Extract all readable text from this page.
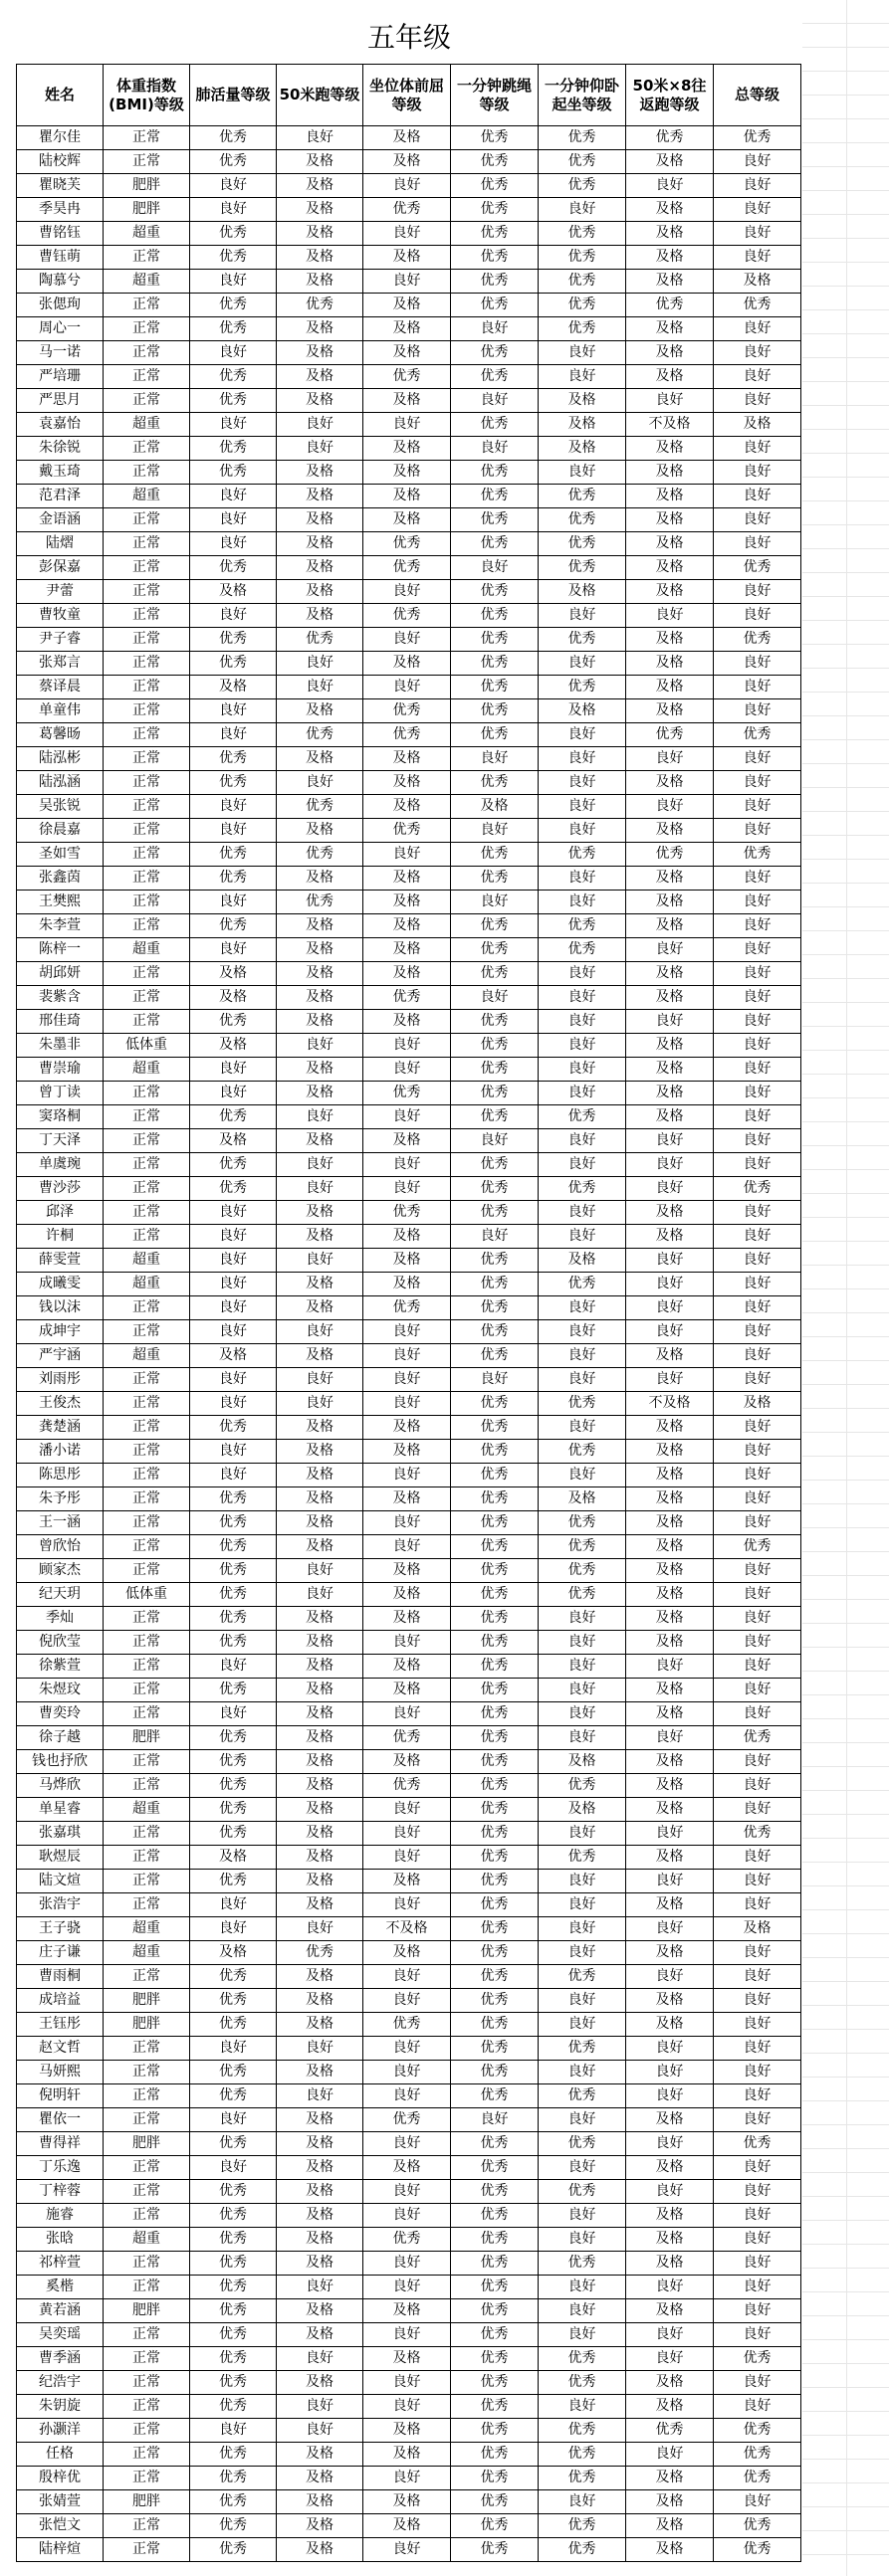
五年级
姓名	体重指数(BMI)等级	肺活量等级	50米跑等级	坐位体前屈等级	一分钟跳绳等级	一分钟仰卧起坐等级	50米×8往返跑等级	总等级
瞿尔佳	正常	优秀	良好	及格	优秀	优秀	优秀	优秀
陆校辉	正常	优秀	及格	及格	优秀	优秀	及格	良好
瞿晓芙	肥胖	良好	及格	良好	优秀	优秀	良好	良好
季昊冉	肥胖	良好	及格	优秀	优秀	良好	及格	良好
曹铭钰	超重	优秀	及格	良好	优秀	优秀	及格	良好
曹钰萌	正常	优秀	及格	及格	优秀	优秀	及格	良好
陶慕兮	超重	良好	及格	良好	优秀	优秀	及格	及格
张偲珣	正常	优秀	优秀	及格	优秀	优秀	优秀	优秀
周心一	正常	优秀	及格	及格	良好	优秀	及格	良好
马一诺	正常	良好	及格	及格	优秀	良好	及格	良好
严培珊	正常	优秀	及格	优秀	优秀	良好	及格	良好
严思月	正常	优秀	及格	及格	良好	及格	良好	良好
袁嘉怡	超重	良好	良好	良好	优秀	及格	不及格	及格
朱徐锐	正常	优秀	良好	及格	良好	及格	及格	良好
戴玉琦	正常	优秀	及格	及格	优秀	良好	及格	良好
范君泽	超重	良好	及格	及格	优秀	优秀	及格	良好
金语涵	正常	良好	及格	及格	优秀	优秀	及格	良好
陆熠	正常	良好	及格	优秀	优秀	优秀	及格	良好
彭保嘉	正常	优秀	及格	优秀	良好	优秀	及格	优秀
尹蕾	正常	及格	及格	良好	优秀	及格	及格	良好
曹牧童	正常	良好	及格	优秀	优秀	良好	良好	良好
尹子睿	正常	优秀	优秀	良好	优秀	优秀	及格	优秀
张郑言	正常	优秀	良好	及格	优秀	良好	及格	良好
蔡译晨	正常	及格	良好	良好	优秀	优秀	及格	良好
单童伟	正常	良好	及格	优秀	优秀	及格	及格	良好
葛馨旸	正常	良好	优秀	优秀	优秀	良好	优秀	优秀
陆泓彬	正常	优秀	及格	及格	良好	良好	良好	良好
陆泓涵	正常	优秀	良好	及格	优秀	良好	及格	良好
吴张锐	正常	良好	优秀	及格	及格	良好	良好	良好
徐晨嘉	正常	良好	及格	优秀	良好	良好	及格	良好
圣如雪	正常	优秀	优秀	良好	优秀	优秀	优秀	优秀
张鑫茵	正常	优秀	及格	及格	优秀	良好	及格	良好
王樊熙	正常	良好	优秀	及格	良好	良好	及格	良好
朱李萱	正常	优秀	及格	及格	优秀	优秀	及格	良好
陈梓一	超重	良好	及格	及格	优秀	优秀	良好	良好
胡邱妍	正常	及格	及格	及格	优秀	良好	及格	良好
裴紫含	正常	及格	及格	优秀	良好	良好	及格	良好
邢佳琦	正常	优秀	及格	及格	优秀	良好	良好	良好
朱墨非	低体重	及格	良好	良好	优秀	良好	及格	良好
曹崇瑜	超重	良好	及格	良好	优秀	良好	及格	良好
曾丁读	正常	良好	及格	优秀	优秀	良好	及格	良好
窦珞桐	正常	优秀	良好	良好	优秀	优秀	及格	良好
丁天泽	正常	及格	及格	及格	良好	良好	良好	良好
单虞琬	正常	优秀	良好	良好	优秀	良好	良好	良好
曹沙莎	正常	优秀	良好	良好	优秀	优秀	良好	优秀
邱泽	正常	良好	及格	优秀	优秀	良好	及格	良好
许桐	正常	良好	及格	及格	良好	良好	及格	良好
薛雯萱	超重	良好	良好	及格	优秀	及格	良好	良好
成曦雯	超重	良好	及格	及格	优秀	优秀	良好	良好
钱以沫	正常	良好	及格	优秀	优秀	良好	良好	良好
成坤宇	正常	良好	良好	良好	优秀	良好	良好	良好
严宇涵	超重	及格	及格	良好	优秀	良好	及格	良好
刘雨彤	正常	良好	良好	良好	良好	良好	良好	良好
王俊杰	正常	良好	良好	良好	优秀	优秀	不及格	及格
龚楚涵	正常	优秀	及格	及格	优秀	良好	及格	良好
潘小诺	正常	良好	及格	及格	优秀	优秀	及格	良好
陈思彤	正常	良好	及格	良好	优秀	良好	及格	良好
朱予彤	正常	优秀	及格	及格	优秀	及格	及格	良好
王一涵	正常	优秀	及格	良好	优秀	优秀	及格	良好
曾欣怡	正常	优秀	及格	良好	优秀	优秀	及格	优秀
顾家杰	正常	优秀	良好	及格	优秀	优秀	及格	良好
纪天玥	低体重	优秀	良好	及格	优秀	优秀	及格	良好
季灿	正常	优秀	及格	及格	优秀	良好	及格	良好
倪欣莹	正常	优秀	及格	良好	优秀	良好	及格	良好
徐紫萱	正常	良好	及格	及格	优秀	良好	良好	良好
朱煜玟	正常	优秀	及格	及格	优秀	良好	及格	良好
曹奕玲	正常	良好	及格	良好	优秀	良好	及格	良好
徐子越	肥胖	优秀	及格	优秀	优秀	良好	良好	优秀
钱也抒欣	正常	优秀	及格	及格	优秀	及格	及格	良好
马烨欣	正常	优秀	及格	优秀	优秀	优秀	及格	良好
单星睿	超重	优秀	及格	良好	优秀	及格	及格	良好
张嘉琪	正常	优秀	及格	良好	优秀	良好	良好	优秀
耿煜辰	正常	及格	及格	良好	优秀	优秀	及格	良好
陆文煊	正常	优秀	及格	及格	优秀	良好	良好	良好
张浩宇	正常	良好	及格	良好	优秀	良好	及格	良好
王子骁	超重	良好	良好	不及格	优秀	良好	良好	及格
庄子谦	超重	及格	优秀	及格	优秀	良好	及格	良好
曹雨桐	正常	优秀	及格	良好	优秀	优秀	良好	良好
成培益	肥胖	优秀	及格	良好	优秀	良好	及格	良好
王钰彤	肥胖	优秀	及格	优秀	优秀	良好	及格	良好
赵文哲	正常	良好	良好	良好	优秀	优秀	良好	良好
马妍熙	正常	优秀	及格	良好	优秀	良好	良好	良好
倪明轩	正常	优秀	良好	良好	优秀	优秀	良好	良好
瞿依一	正常	良好	及格	优秀	良好	良好	及格	良好
曹得祥	肥胖	优秀	及格	良好	优秀	优秀	良好	优秀
丁乐逸	正常	良好	及格	及格	优秀	良好	及格	良好
丁梓蓉	正常	优秀	及格	良好	优秀	优秀	良好	良好
施睿	正常	优秀	及格	良好	优秀	良好	及格	良好
张晗	超重	优秀	及格	优秀	优秀	良好	及格	良好
祁梓萱	正常	优秀	及格	良好	优秀	优秀	及格	良好
奚楷	正常	优秀	良好	良好	优秀	良好	良好	良好
黄若涵	肥胖	优秀	及格	及格	优秀	良好	及格	良好
吴奕瑶	正常	优秀	及格	良好	优秀	良好	良好	良好
曹季涵	正常	优秀	良好	及格	优秀	优秀	良好	优秀
纪浩宇	正常	优秀	及格	良好	优秀	优秀	及格	良好
朱钥旋	正常	优秀	良好	良好	优秀	良好	及格	良好
孙灏洋	正常	良好	良好	及格	优秀	优秀	优秀	优秀
任格	正常	优秀	及格	及格	优秀	优秀	良好	优秀
殷梓优	正常	优秀	及格	良好	优秀	优秀	及格	优秀
张婧萱	肥胖	优秀	及格	及格	优秀	良好	及格	良好
张恺文	正常	优秀	及格	及格	优秀	优秀	及格	优秀
陆梓煊	正常	优秀	及格	良好	优秀	优秀	及格	优秀
